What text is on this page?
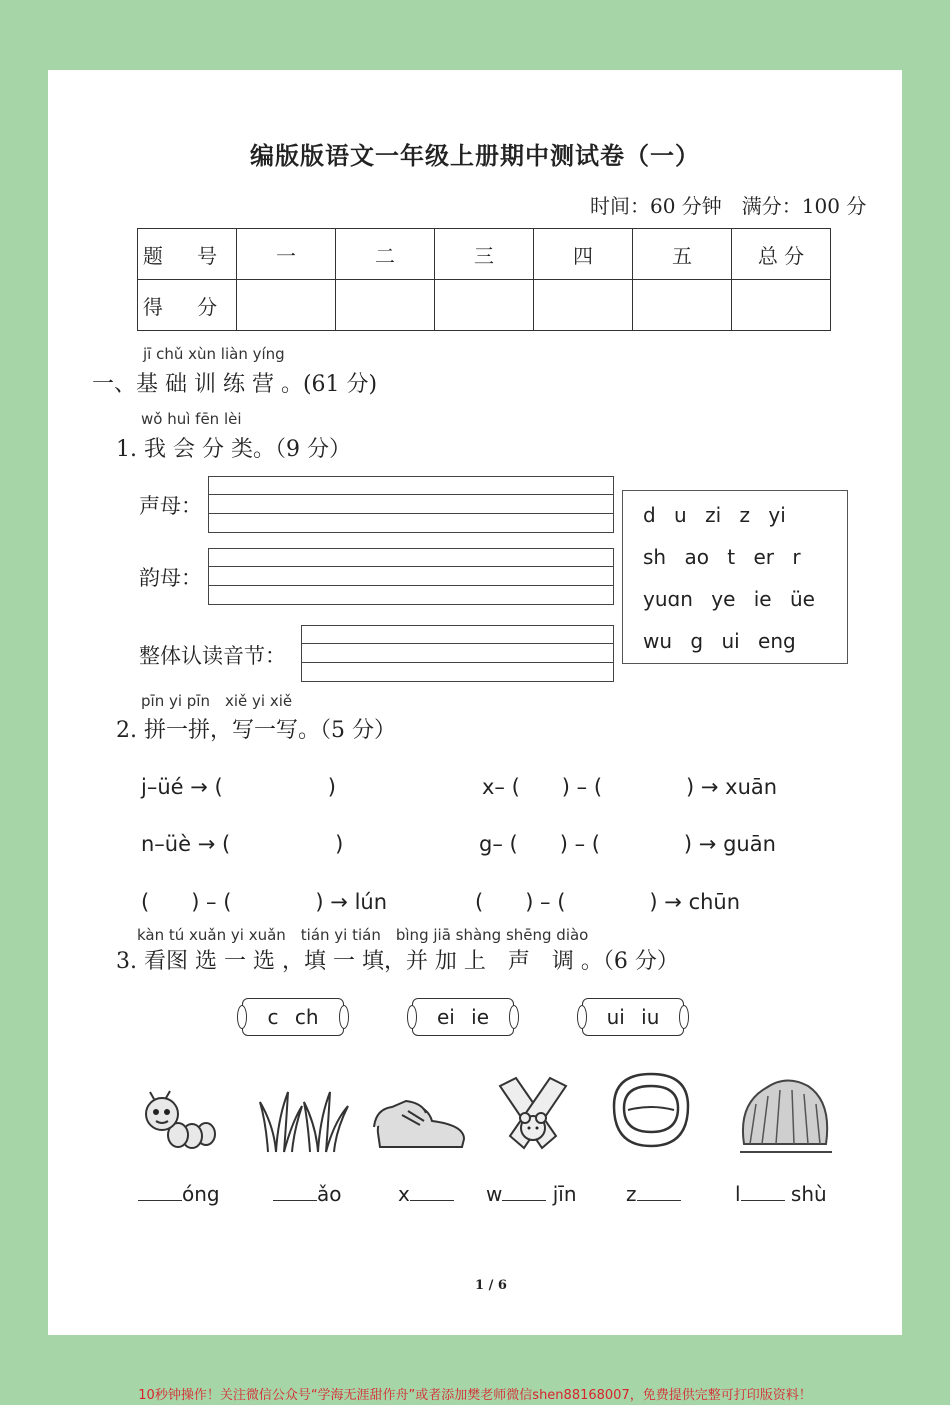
编版版语文一年级上册期中测试卷（一）
时间：60 分钟　满分：100 分
题 号	一	二	三	四	五	总 分
得 分						
jī chǔ xùn liàn yíng
一、基 础 训 练 营 。(61 分)
wǒ huì fēn lèi
1. 我 会 分 类。（9 分）
声母：
韵母：
整体认读音节：
d u zi z yi
sh ao t er r
yuɑn ye ie üe
wu g ui eng
pīn yi pīn　xiě yi xiě
2. 拼一拼，写一写。（5 分）
j–üé → (　　　　　)	x– (　　) – (　　　　) → xuān
n–üè → (　　　　　)	g– (　　) – (　　　　) → guān
(　　) – (　　　　) → lún	(　　) – (　　　　) → chūn
kàn tú xuǎn yi xuǎn　tián yi tián　bìng jiā shàng shēng diào
3. 看图 选 一 选 ，填 一 填，并 加 上　声　调 。（6 分）
c ch	ei ie	ui iu
óng	ǎo	x	w jīn z	l shù
1 / 6
10秒钟操作！关注微信公众号“学海无涯甜作舟”或者添加樊老师微信shen88168007，免费提供完整可打印版资料！
